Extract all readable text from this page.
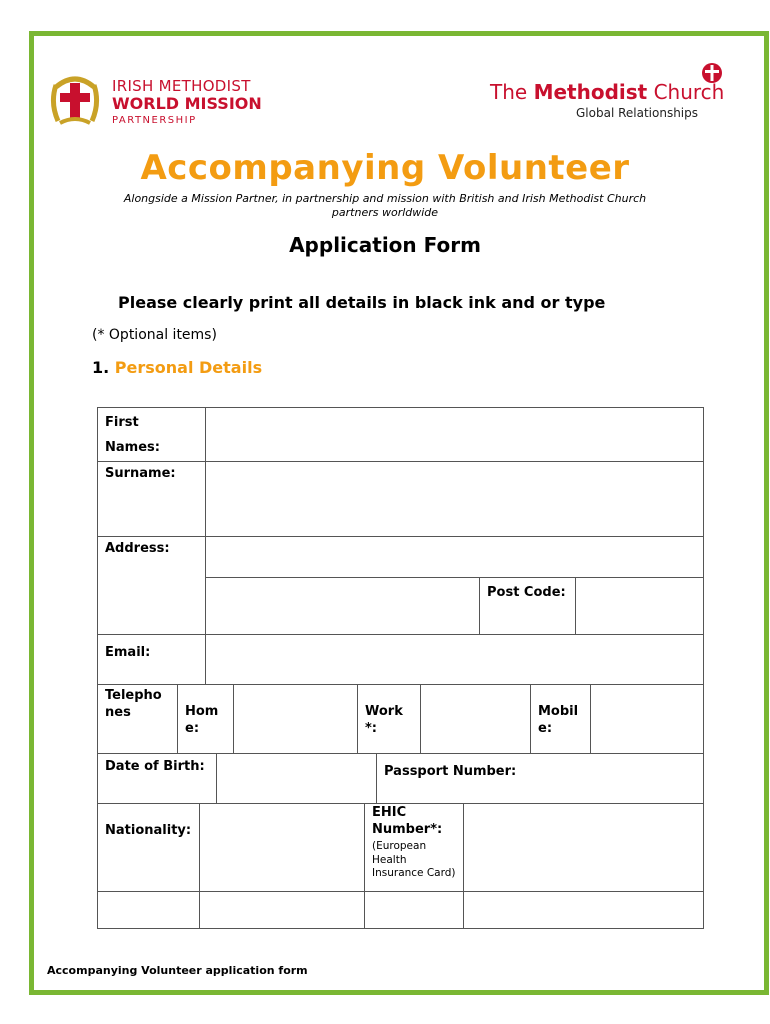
IRISH METHODIST
WORLD MISSION
PARTNERSHIP
The Methodist Church
Global Relationships
Accompanying Volunteer
Alongside a Mission Partner, in partnership and mission with British and Irish Methodist Church partners worldwide
Application Form
Please clearly print all details in black ink and or type
(* Optional items)
1. Personal Details
First Names:
Surname:
Address:
Post Code:
Email:
Telephones	Home:
Work*:
Mobile:
Date of Birth:	Passport Number:
Nationality:
EHIC Number*:
(European Health Insurance Card)
Accompanying Volunteer application form
